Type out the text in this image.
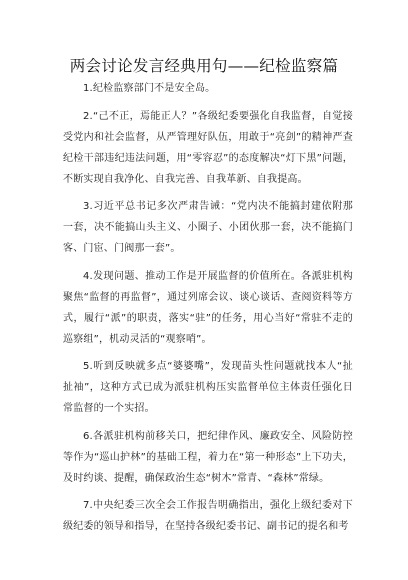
两会讨论发言经典用句——纪检监察篇

1.纪检监察部门不是安全岛。

2.“己不正，焉能正人？”各级纪委要强化自我监督，自觉接受党内和社会监督，从严管理好队伍，用敢于“亮剑”的精神严查纪检干部违纪违法问题，用“零容忍”的态度解决“灯下黑”问题，不断实现自我净化、自我完善、自我革新、自我提高。

3.习近平总书记多次严肃告诫：“党内决不能搞封建依附那一套，决不能搞山头主义、小圈子、小团伙那一套，决不能搞门客、门宦、门阀那一套”。

4.发现问题、推动工作是开展监督的价值所在。各派驻机构聚焦“监督的再监督”，通过列席会议、谈心谈话、查阅资料等方式，履行“派”的职责，落实“驻”的任务，用心当好“常驻不走的巡察组”，机动灵活的“观察哨”。

5.听到反映就多点“婆婆嘴”，发现苗头性问题就找本人“扯扯袖”，这种方式已成为派驻机构压实监督单位主体责任强化日常监督的一个实招。

6.各派驻机构前移关口，把纪律作风、廉政安全、风险防控等作为“巡山护林”的基础工程，着力在“第一种形态”上下功夫，及时约谈、提醒，确保政治生态“树木”常青、“森林”常绿。

7.中央纪委三次全会工作报告明确指出，强化上级纪委对下级纪委的领导和指导，在坚持各级纪委书记、副书记的提名和考
